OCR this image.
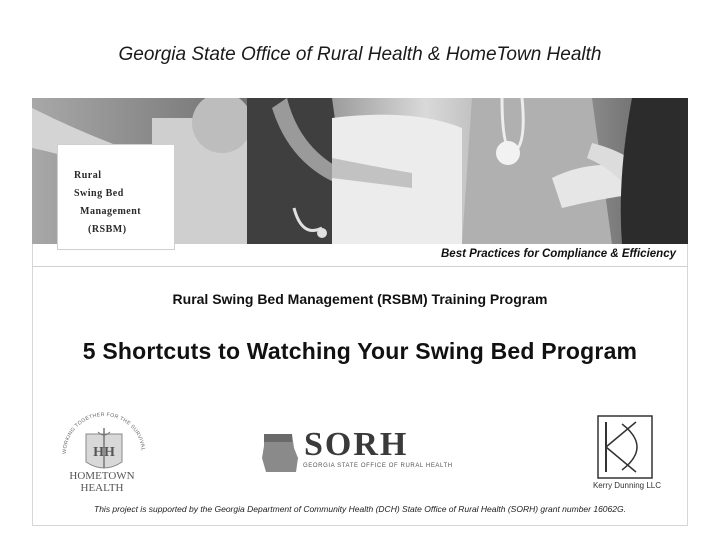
Georgia State Office of Rural Health & HomeTown Health
Rural
Swing Bed
Management
(RSBM)
Best Practices for Compliance & Efficiency
Rural Swing Bed Management (RSBM) Training Program
5 Shortcuts to Watching Your Swing Bed Program
WORKING TOGETHER FOR THE SURVIVAL
HH
HOMETOWN
HEALTH
SORH
GEORGIA STATE OFFICE OF RURAL HEALTH
Kerry Dunning LLC
This project is supported by the Georgia Department of Community Health (DCH) State Office of Rural Health (SORH) grant number 16062G.
